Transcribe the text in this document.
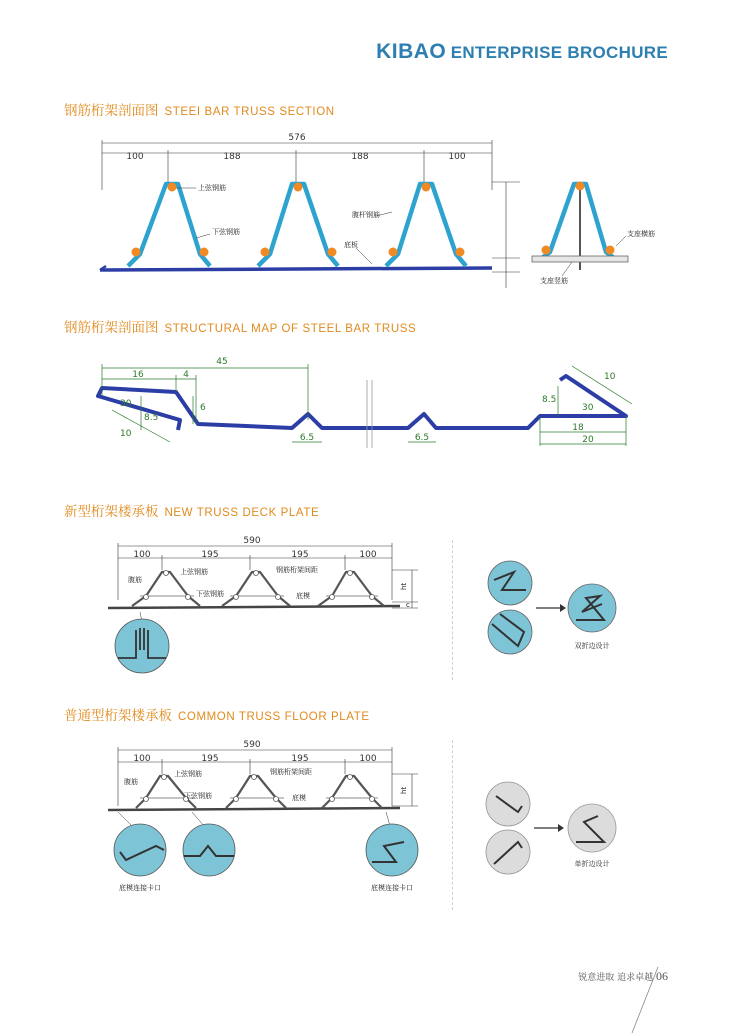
KIBAO ENTERPRISE BROCHURE
钢筋桁架剖面图 STEEI BAR TRUSS SECTION
钢筋桁架剖面图 STRUCTURAL MAP OF STEEL BAR TRUSS
新型桁架楼承板 NEW TRUSS DECK PLATE
普通型桁架楼承板 COMMON TRUSS FLOOR PLATE
576
100	188	188	100
上弦钢筋
下弦钢筋
腹杆钢筋
底板
支座横筋
支座竖筋
45
16	4
30
8.5
6
10	6.5	6.5
10
8.5
30
18
20
590
100	195	195	100
ht
c
腹筋
上弦钢筋	钢筋桁架间距
下弦钢筋	底模
双折边设计
590
100	195	195	100
ht
腹筋
上弦钢筋	钢筋桁架间距
下弦钢筋	底模
底模连接卡口	底模连接卡口
单折边设计
锐意进取 追求卓越 06
